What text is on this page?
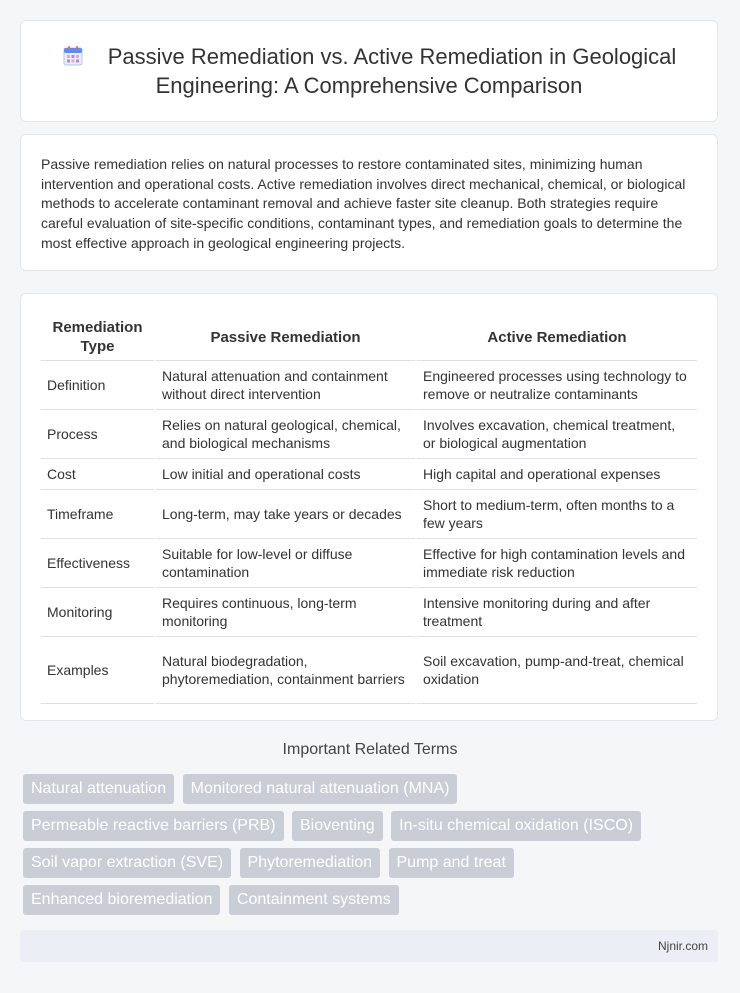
Passive Remediation vs. Active Remediation in Geological Engineering: A Comprehensive Comparison

Passive remediation relies on natural processes to restore contaminated sites, minimizing human intervention and operational costs. Active remediation involves direct mechanical, chemical, or biological methods to accelerate contaminant removal and achieve faster site cleanup. Both strategies require careful evaluation of site-specific conditions, contaminant types, and remediation goals to determine the most effective approach in geological engineering projects.

Remediation Type	Passive Remediation	Active Remediation
Definition	Natural attenuation and containment without direct intervention	Engineered processes using technology to remove or neutralize contaminants
Process	Relies on natural geological, chemical, and biological mechanisms	Involves excavation, chemical treatment, or biological augmentation
Cost	Low initial and operational costs	High capital and operational expenses
Timeframe	Long-term, may take years or decades	Short to medium-term, often months to a few years
Effectiveness	Suitable for low-level or diffuse contamination	Effective for high contamination levels and immediate risk reduction
Monitoring	Requires continuous, long-term monitoring	Intensive monitoring during and after treatment
Examples	Natural biodegradation, phytoremediation, containment barriers	Soil excavation, pump-and-treat, chemical oxidation
Important Related Terms
Natural attenuation Monitored natural attenuation (MNA) Permeable reactive barriers (PRB) Bioventing In-situ chemical oxidation (ISCO) Soil vapor extraction (SVE) Phytoremediation Pump and treat Enhanced bioremediation Containment systems
Njnir.com
